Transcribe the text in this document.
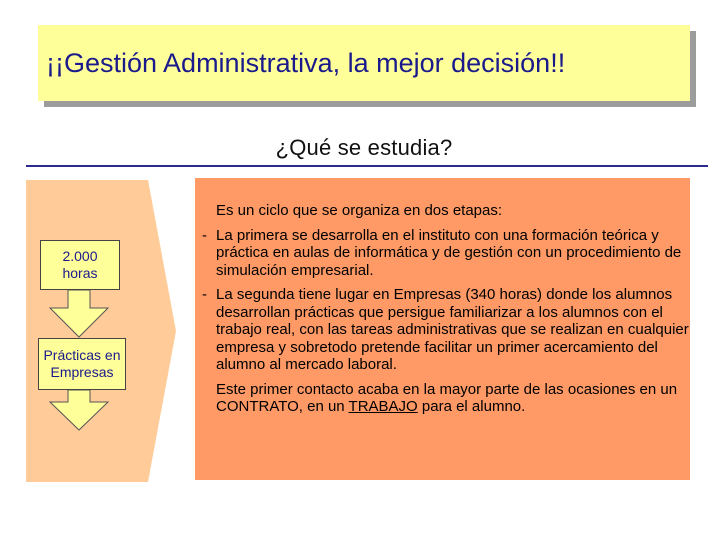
¡¡Gestión Administrativa, la mejor decisión!!
¿Qué se estudia?
2.000 horas
Prácticas en Empresas

Es un ciclo que se organiza en dos etapas:

- La primera se desarrolla en el instituto con una formación teórica y práctica en aulas de informática y de gestión con un procedimiento de simulación empresarial.

- La segunda tiene lugar en Empresas (340 horas) donde los alumnos desarrollan prácticas que persigue familiarizar a los alumnos con el trabajo real, con las tareas administrativas que se realizan en cualquier empresa y sobretodo pretende facilitar un primer acercamiento del alumno al mercado laboral.

Este primer contacto acaba en la mayor parte de las ocasiones en un CONTRATO, en un TRABAJO para el alumno.
